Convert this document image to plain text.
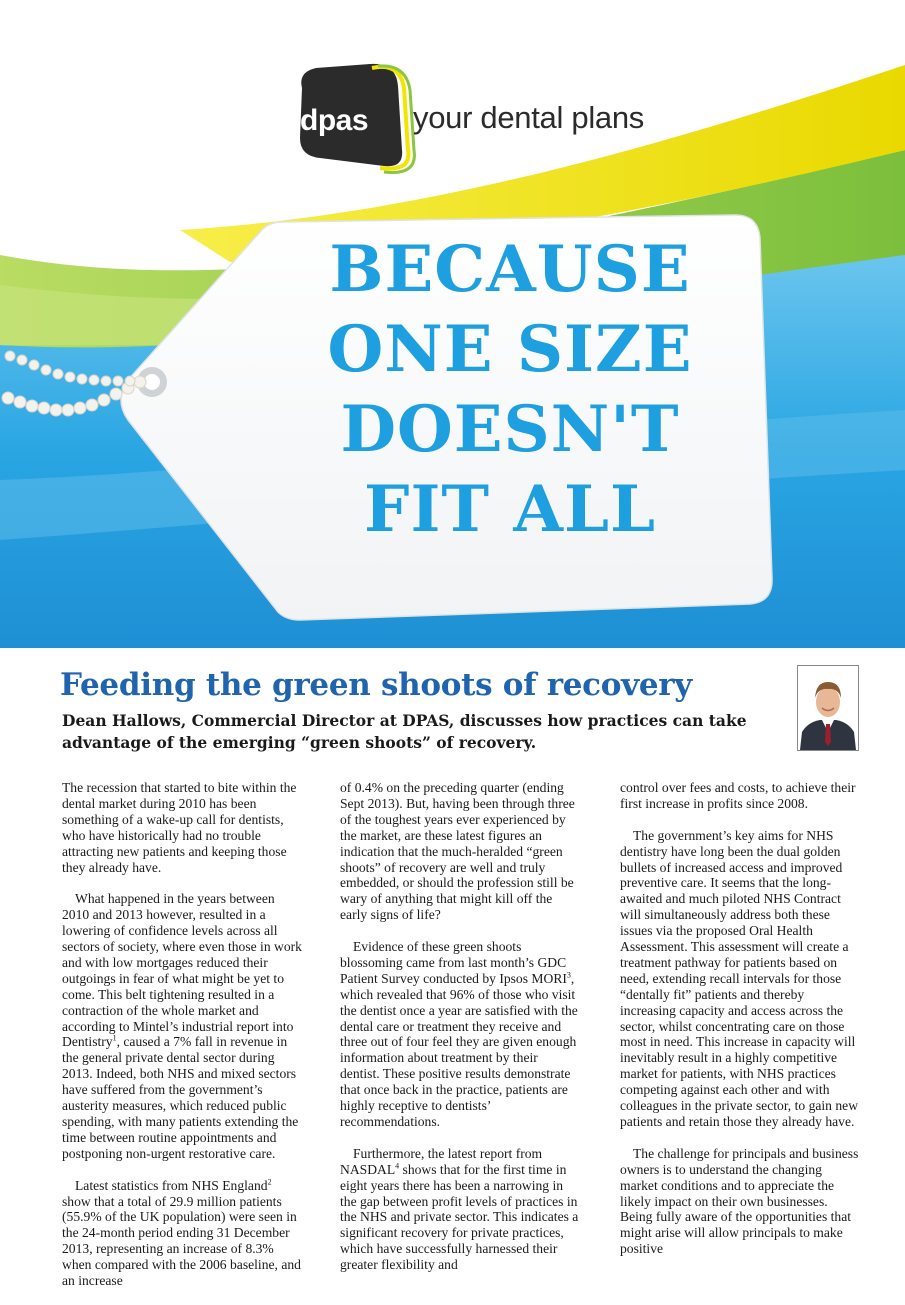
dpas your dental plans
BECAUSE
ONE SIZE
DOESN'T
FIT ALL
Feeding the green shoots of recovery
Dean Hallows, Commercial Director at DPAS, discusses how practices can take advantage of the emerging “green shoots” of recovery.

The recession that started to bite within the dental market during 2010 has been something of a wake-up call for dentists, who have historically had no trouble attracting new patients and keeping those they already have.

What happened in the years between 2010 and 2013 however, resulted in a lowering of confidence levels across all sectors of society, where even those in work and with low mortgages reduced their outgoings in fear of what might be yet to come. This belt tightening resulted in a contraction of the whole market and according to Mintel’s industrial report into Dentistry$^1$, caused a 7% fall in revenue in the general private dental sector during 2013. Indeed, both NHS and mixed sectors have suffered from the government’s austerity measures, which reduced public spending, with many patients extending the time between routine appointments and postponing non-urgent restorative care.

Latest statistics from NHS England$^2$ show that a total of 29.9 million patients (55.9% of the UK population) were seen in the 24-month period ending 31 December 2013, representing an increase of 8.3% when compared with the 2006 baseline, and an increase

of 0.4% on the preceding quarter (ending Sept 2013). But, having been through three of the toughest years ever experienced by the market, are these latest figures an indication that the much-heralded “green shoots” of recovery are well and truly embedded, or should the profession still be wary of anything that might kill off the early signs of life?

Evidence of these green shoots blossoming came from last month’s GDC Patient Survey conducted by Ipsos MORI$^3$, which revealed that 96% of those who visit the dentist once a year are satisfied with the dental care or treatment they receive and three out of four feel they are given enough information about treatment by their dentist. These positive results demonstrate that once back in the practice, patients are highly receptive to dentists’ recommendations.

Furthermore, the latest report from NASDAL$^4$ shows that for the first time in eight years there has been a narrowing in the gap between profit levels of practices in the NHS and private sector. This indicates a significant recovery for private practices, which have successfully harnessed their greater flexibility and

control over fees and costs, to achieve their first increase in profits since 2008.

The government’s key aims for NHS dentistry have long been the dual golden bullets of increased access and improved preventive care. It seems that the long-awaited and much piloted NHS Contract will simultaneously address both these issues via the proposed Oral Health Assessment. This assessment will create a treatment pathway for patients based on need, extending recall intervals for those “dentally fit” patients and thereby increasing capacity and access across the sector, whilst concentrating care on those most in need. This increase in capacity will inevitably result in a highly competitive market for patients, with NHS practices competing against each other and with colleagues in the private sector, to gain new patients and retain those they already have.

The challenge for principals and business owners is to understand the changing market conditions and to appreciate the likely impact on their own businesses. Being fully aware of the opportunities that might arise will allow principals to make positive
